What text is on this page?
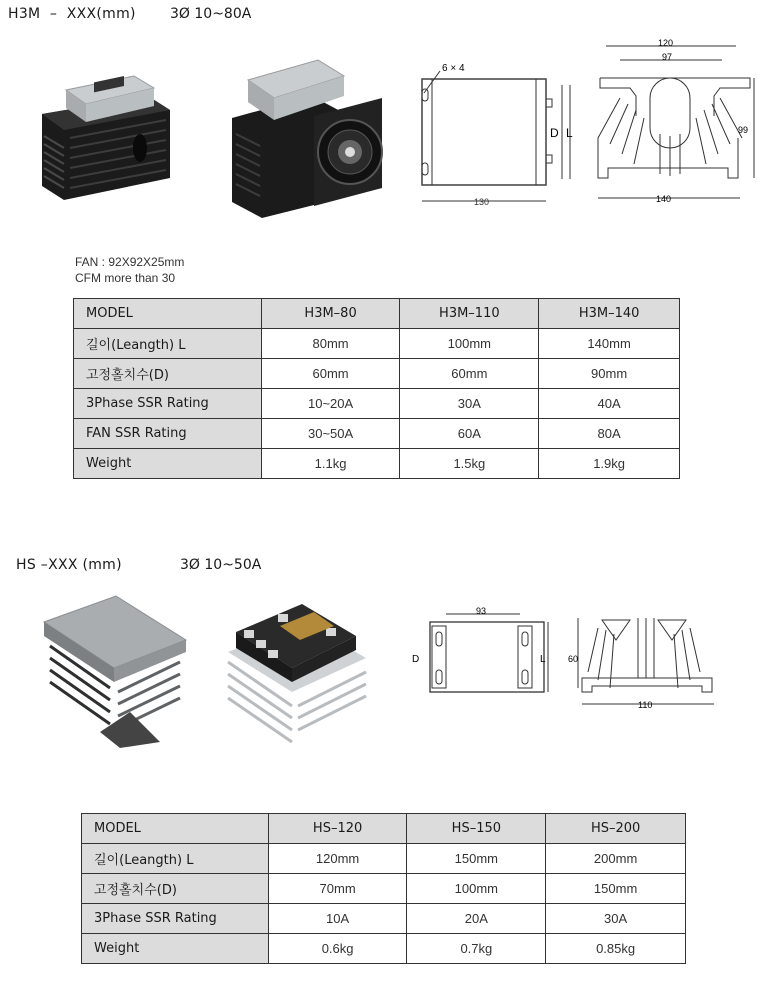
H3M  –  XXX(mm) 3Ø 10~80A
D L
6 × 4
130
120
97
99
140
FAN : 92X92X25mm
CFM more than 30
MODEL	H3M–80	H3M–110	H3M–140
길이(Leangth) L	80mm	100mm	140mm
고정홀치수(D)	60mm	60mm	90mm
3Phase SSR Rating	10~20A	30A	40A
FAN SSR Rating	30~50A	60A	80A
Weight	1.1kg	1.5kg	1.9kg
HS –XXX (mm)	3Ø 10~50A
93
D	L 60
110
MODEL	HS–120	HS–150	HS–200
길이(Leangth) L	120mm	150mm	200mm
고정홀치수(D)	70mm	100mm	150mm
3Phase SSR Rating	10A	20A	30A
Weight	0.6kg	0.7kg	0.85kg
